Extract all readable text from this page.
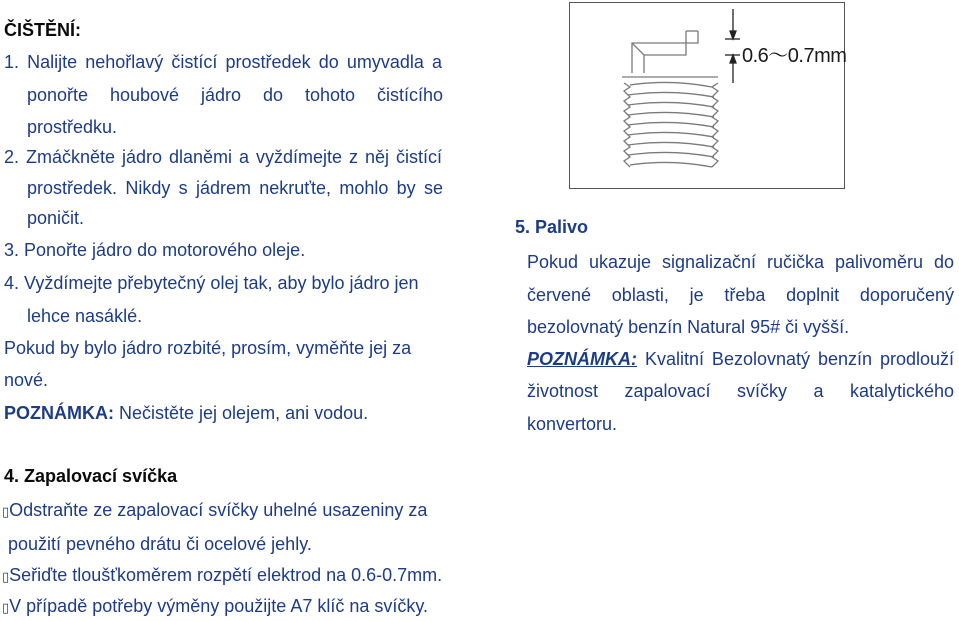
ČIŠTĚNÍ:
1. Nalijte nehořlavý čistící prostředek do umyvadla a
ponořte houbové jádro do tohoto čistícího
prostředku.
2. Zmáčkněte jádro dlaněmi a vyždímejte z něj čistící
prostředek. Nikdy s jádrem nekruťte, mohlo by se
poničit.
3. Ponořte jádro do motorového oleje.
4. Vyždímejte přebytečný olej tak, aby bylo jádro jen
lehce nasáklé.
Pokud by bylo jádro rozbité, prosím, vyměňte jej za
nové.
POZNÁMKA: Nečistěte jej olejem, ani vodou.
4. Zapalovací svíčka
▯Odstraňte ze zapalovací svíčky uhelné usazeniny za
použití pevného drátu či ocelové jehly.
▯Seřiďte tloušťkoměrem rozpětí elektrod na 0.6-0.7mm.
▯V případě potřeby výměny použijte A7 klíč na svíčky.
0.6～0.7mm
5. Palivo
Pokud ukazuje signalizační ručička palivoměru do
červené oblasti, je třeba doplnit doporučený
bezolovnatý benzín Natural 95# či vyšší.
POZNÁMKA: Kvalitní Bezolovnatý benzín prodlouží
životnost zapalovací svíčky a katalytického
konvertoru.
